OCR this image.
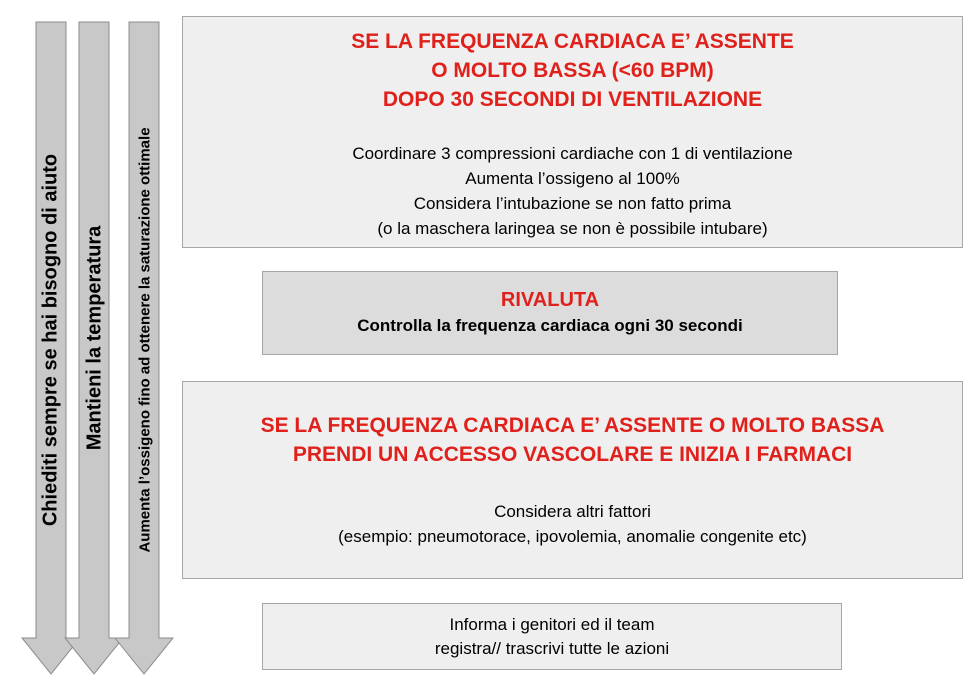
Chiediti sempre se hai bisogno di aiuto Mantieni la temperatura Aumenta l’ossigeno fino ad ottenere la saturazione ottimale
SE LA FREQUENZA CARDIACA E’ ASSENTE
O MOLTO BASSA (<60 BPM)
DOPO 30 SECONDI DI VENTILAZIONE
Coordinare 3 compressioni cardiache con 1 di ventilazione
Aumenta l’ossigeno al 100%
Considera l’intubazione se non fatto prima
(o la maschera laringea se non è possibile intubare)
RIVALUTA
Controlla la frequenza cardiaca ogni 30 secondi
SE LA FREQUENZA CARDIACA E’ ASSENTE O MOLTO BASSA
PRENDI UN ACCESSO VASCOLARE E INIZIA I FARMACI
Considera altri fattori
(esempio: pneumotorace, ipovolemia, anomalie congenite etc)
Informa i genitori ed il team
registra// trascrivi tutte le azioni
